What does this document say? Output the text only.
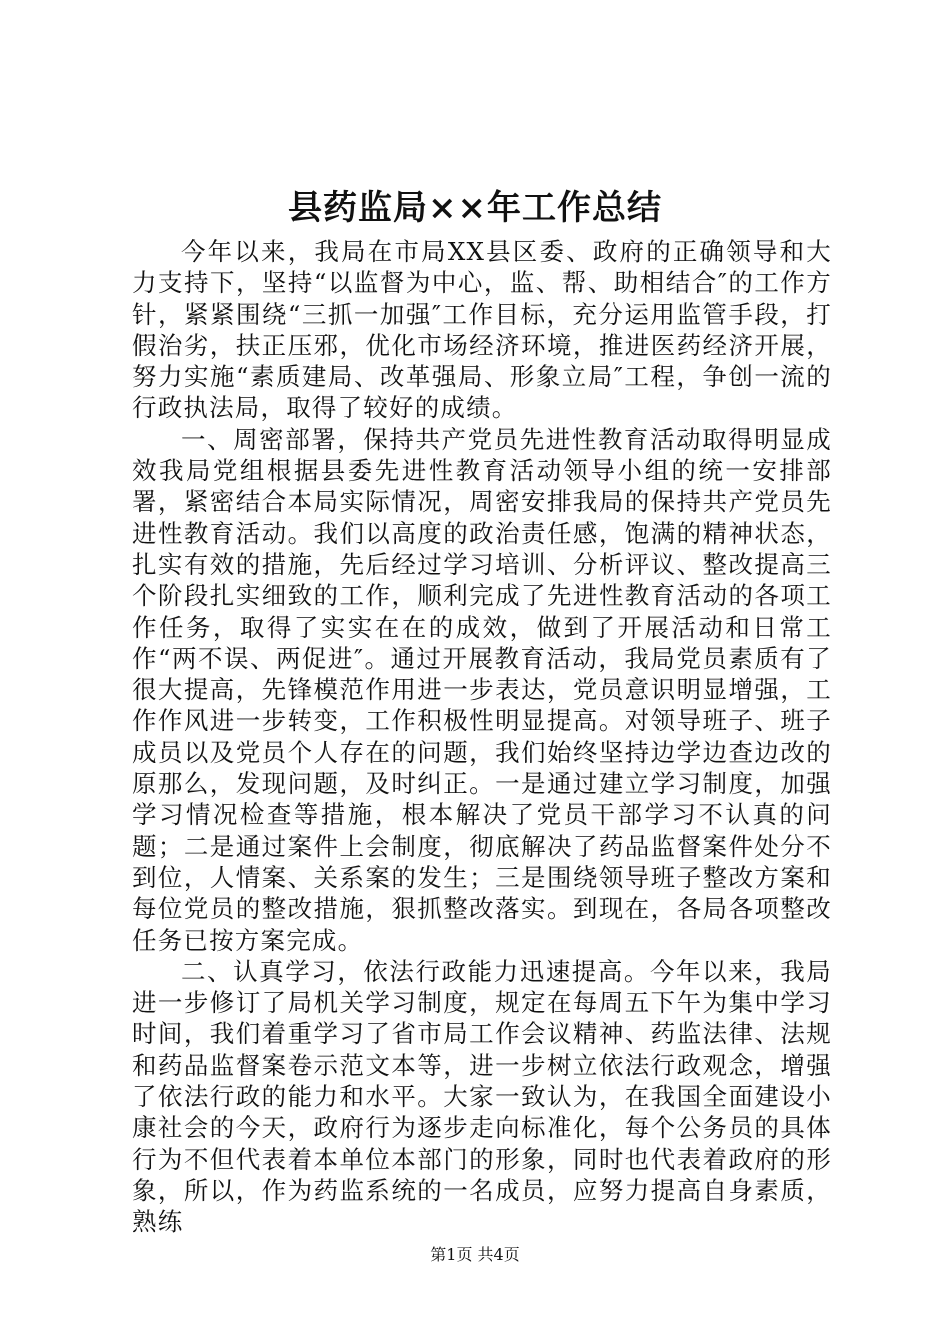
县药监局××年工作总结

今年以来，我局在市局XX县区委、政府的正确领导和大力支持下，坚持“以监督为中心，监、帮、助相结合″的工作方针，紧紧围绕“三抓一加强″工作目标，充分运用监管手段，打假治劣，扶正压邪，优化市场经济环境，推进医药经济开展，努力实施“素质建局、改革强局、形象立局″工程，争创一流的行政执法局，取得了较好的成绩。

一、周密部署，保持共产党员先进性教育活动取得明显成效我局党组根据县委先进性教育活动领导小组的统一安排部署，紧密结合本局实际情况，周密安排我局的保持共产党员先进性教育活动。我们以高度的政治责任感，饱满的精神状态，扎实有效的措施，先后经过学习培训、分析评议、整改提高三个阶段扎实细致的工作，顺利完成了先进性教育活动的各项工作任务，取得了实实在在的成效，做到了开展活动和日常工作“两不误、两促进″。通过开展教育活动，我局党员素质有了很大提高，先锋模范作用进一步表达，党员意识明显增强，工作作风进一步转变，工作积极性明显提高。对领导班子、班子成员以及党员个人存在的问题，我们始终坚持边学边查边改的原那么，发现问题，及时纠正。一是通过建立学习制度，加强学习情况检查等措施，根本解决了党员干部学习不认真的问题；二是通过案件上会制度，彻底解决了药品监督案件处分不到位，人情案、关系案的发生；三是围绕领导班子整改方案和每位党员的整改措施，狠抓整改落实。到现在，各局各项整改任务已按方案完成。

二、认真学习，依法行政能力迅速提高。今年以来，我局进一步修订了局机关学习制度，规定在每周五下午为集中学习时间，我们着重学习了省市局工作会议精神、药监法律、法规和药品监督案卷示范文本等，进一步树立依法行政观念，增强了依法行政的能力和水平。大家一致认为，在我国全面建设小康社会的今天，政府行为逐步走向标准化，每个公务员的具体行为不但代表着本单位本部门的形象，同时也代表着政府的形象，所以，作为药监系统的一名成员，应努力提高自身素质，熟练

第1页 共4页
